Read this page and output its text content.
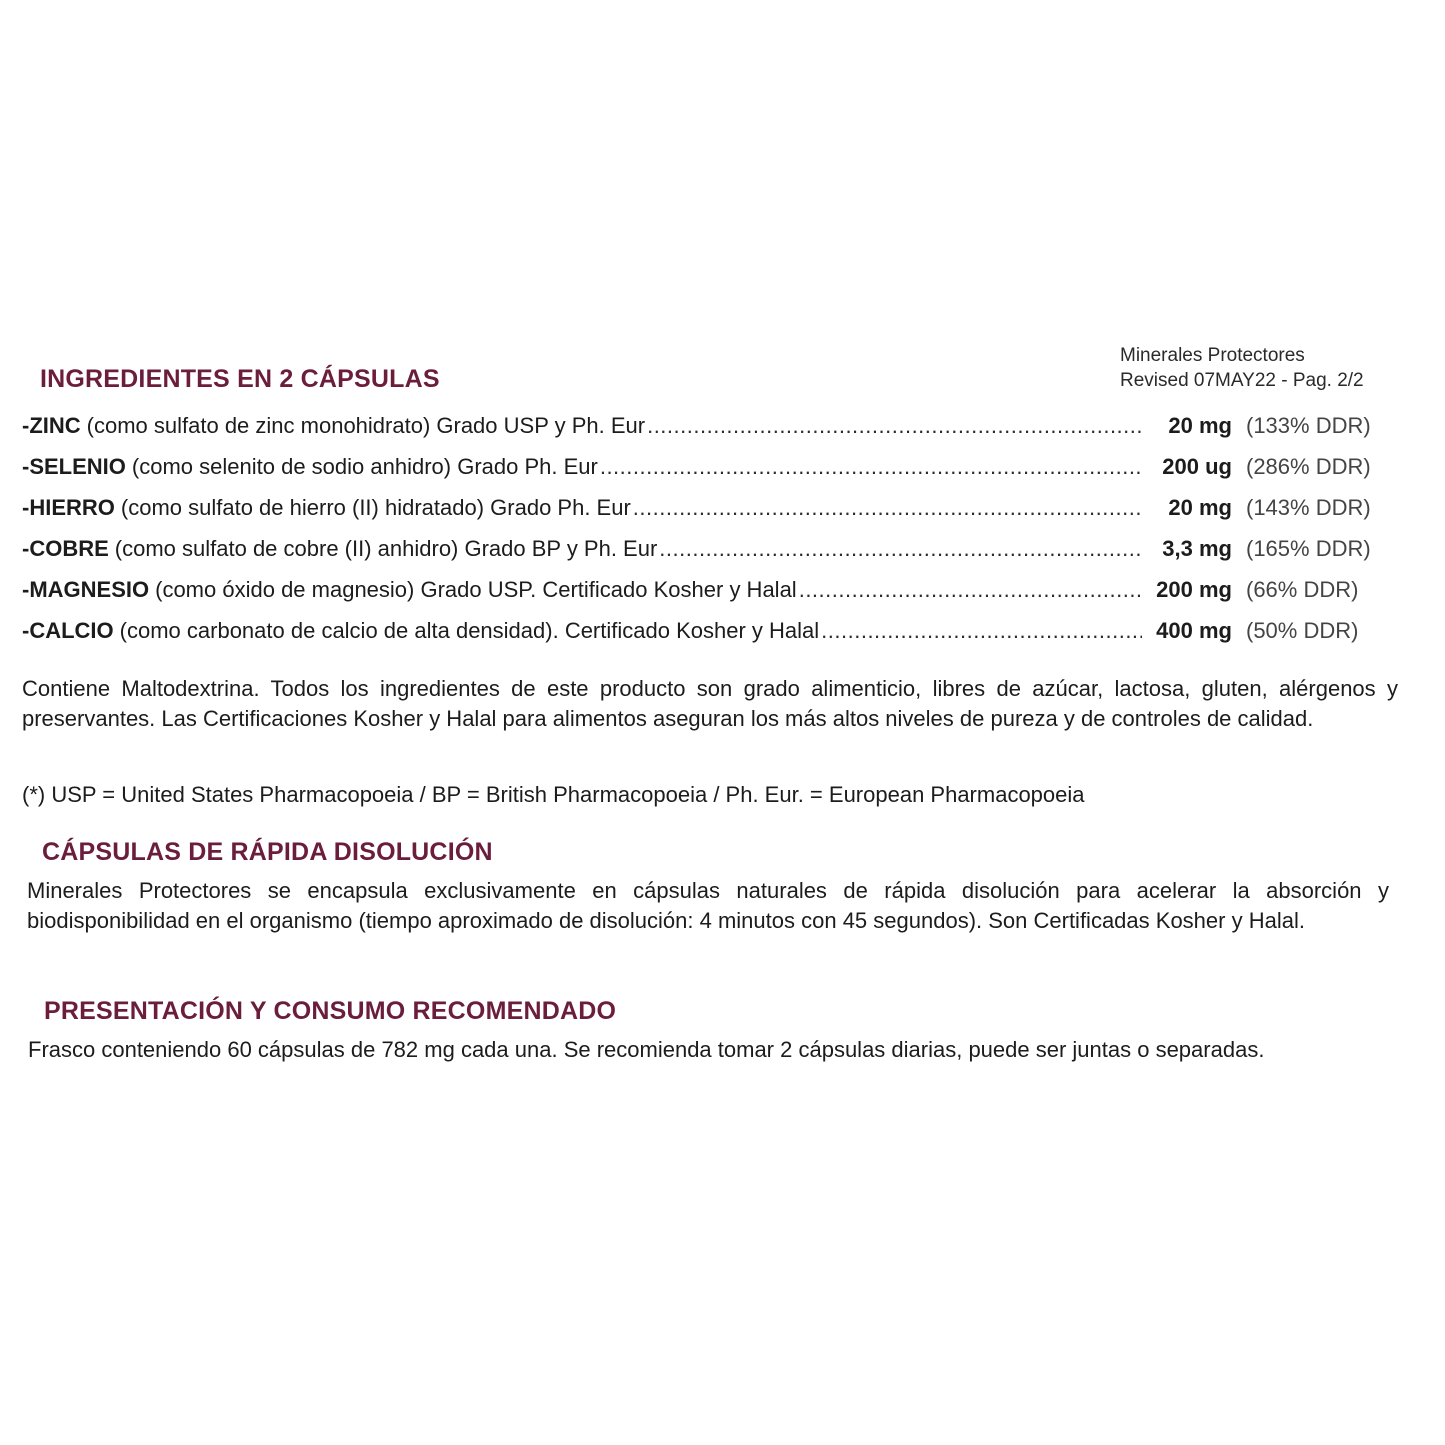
Minerales Protectores
Revised 07MAY22 - Pag. 2/2
INGREDIENTES EN 2 CÁPSULAS
-ZINC (como sulfato de zinc monohidrato) Grado USP y Ph. Eur .....	20 mg (133% DDR)
-SELENIO (como selenito de sodio anhidro) Grado Ph. Eur .....	200 ug (286% DDR)
-HIERRO (como sulfato de hierro (II) hidratado) Grado Ph. Eur .....	20 mg (143% DDR)
-COBRE (como sulfato de cobre (II) anhidro) Grado BP y Ph. Eur .....	3,3 mg (165% DDR)
-MAGNESIO (como óxido de magnesio) Grado USP. Certificado Kosher y Halal .....	200 mg (66% DDR)
-CALCIO (como carbonato de calcio de alta densidad). Certificado Kosher y Halal .....	400 mg (50% DDR)
Contiene Maltodextrina. Todos los ingredientes de este producto son grado alimenticio, libres de azúcar, lactosa, gluten, alérgenos y preservantes. Las Certificaciones Kosher y Halal para alimentos aseguran los más altos niveles de pureza y de controles de calidad.
(*) USP = United States Pharmacopoeia / BP = British Pharmacopoeia / Ph. Eur. = European Pharmacopoeia
CÁPSULAS DE RÁPIDA DISOLUCIÓN
Minerales Protectores se encapsula exclusivamente en cápsulas naturales de rápida disolución para acelerar la absorción y biodisponibilidad en el organismo (tiempo aproximado de disolución: 4 minutos con 45 segundos). Son Certificadas Kosher y Halal.
PRESENTACIÓN Y CONSUMO RECOMENDADO
Frasco conteniendo 60 cápsulas de 782 mg cada una. Se recomienda tomar 2 cápsulas diarias, puede ser juntas o separadas.
